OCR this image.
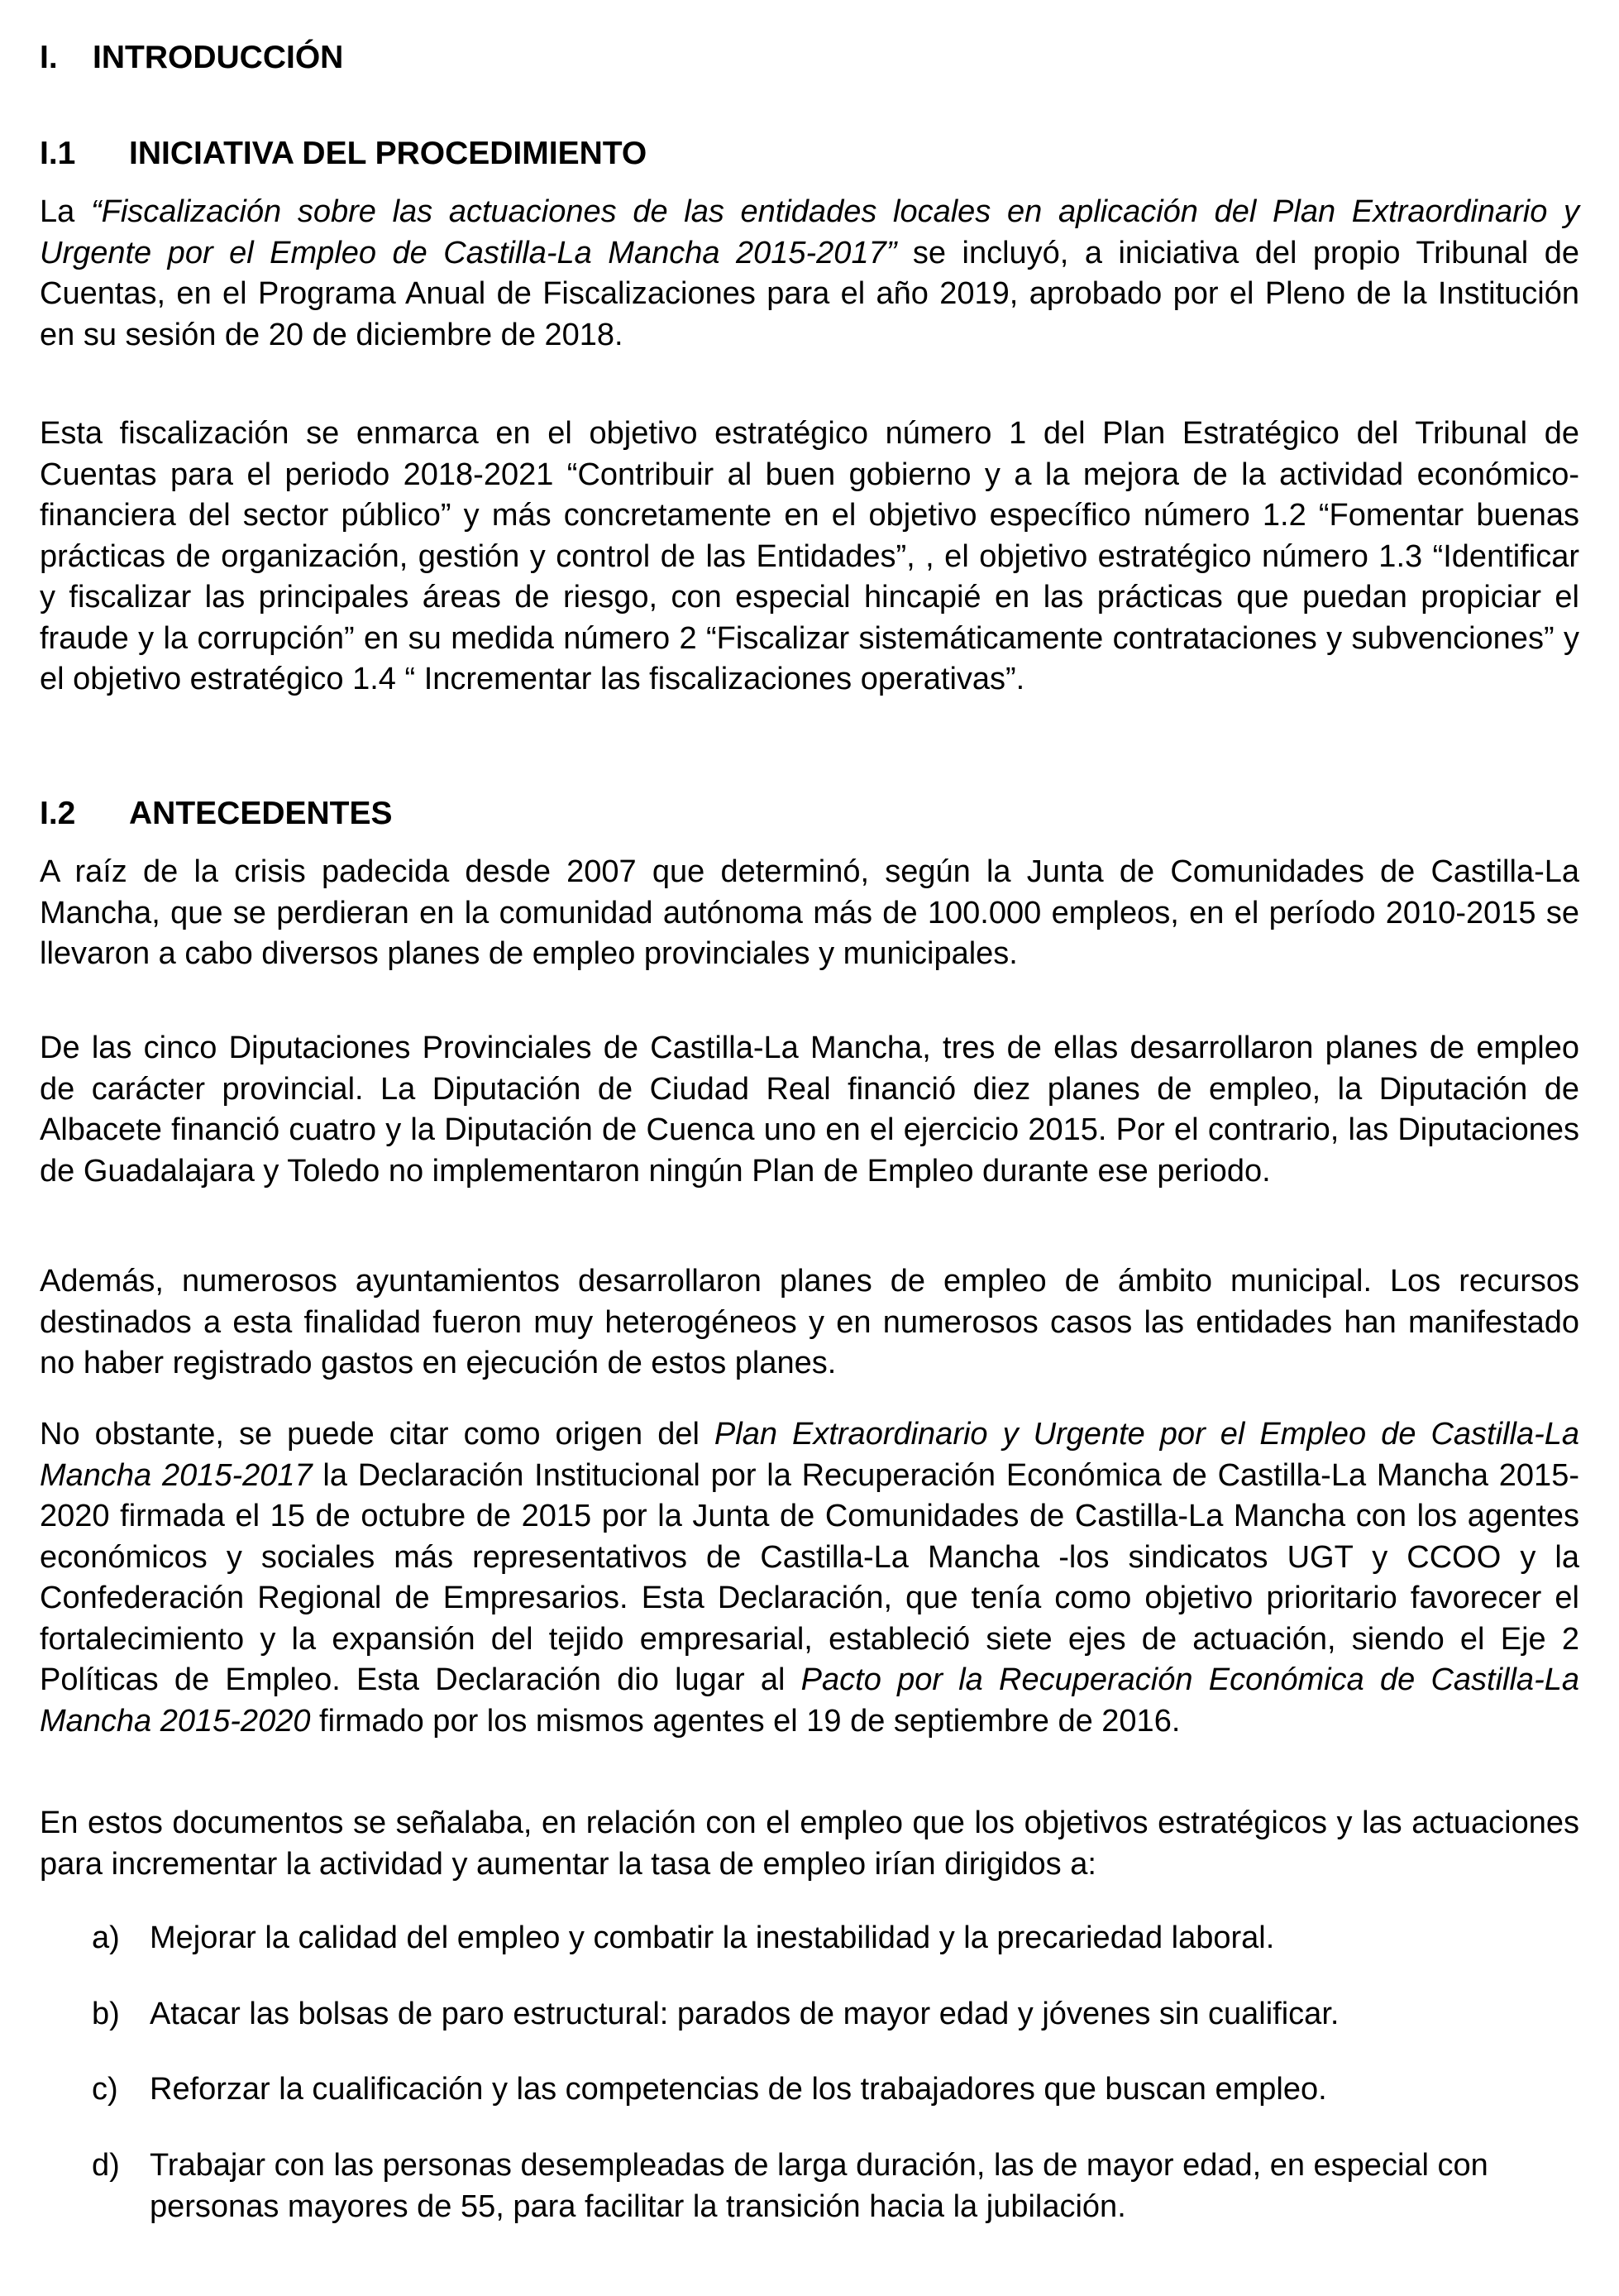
I. INTRODUCCIÓN
I.1 INICIATIVA DEL PROCEDIMIENTO

La “Fiscalización sobre las actuaciones de las entidades locales en aplicación del Plan Extraordinario y Urgente por el Empleo de Castilla-La Mancha 2015-2017” se incluyó, a iniciativa del propio Tribunal de Cuentas, en el Programa Anual de Fiscalizaciones para el año 2019, aprobado por el Pleno de la Institución en su sesión de 20 de diciembre de 2018.

Esta fiscalización se enmarca en el objetivo estratégico número 1 del Plan Estratégico del Tribunal de Cuentas para el periodo 2018-2021 “Contribuir al buen gobierno y a la mejora de la actividad económico-financiera del sector público” y más concretamente en el objetivo específico número 1.2 “Fomentar buenas prácticas de organización, gestión y control de las Entidades”, , el objetivo estratégico número 1.3 “Identificar y fiscalizar las principales áreas de riesgo, con especial hincapié en las prácticas que puedan propiciar el fraude y la corrupción” en su medida número 2 “Fiscalizar sistemáticamente contrataciones y subvenciones” y el objetivo estratégico 1.4 “ Incrementar las fiscalizaciones operativas”.

I.2 ANTECEDENTES

A raíz de la crisis padecida desde 2007 que determinó, según la Junta de Comunidades de Castilla-La Mancha, que se perdieran en la comunidad autónoma más de 100.000 empleos, en el período 2010-2015 se llevaron a cabo diversos planes de empleo provinciales y municipales.

De las cinco Diputaciones Provinciales de Castilla-La Mancha, tres de ellas desarrollaron planes de empleo de carácter provincial. La Diputación de Ciudad Real financió diez planes de empleo, la Diputación de Albacete financió cuatro y la Diputación de Cuenca uno en el ejercicio 2015. Por el contrario, las Diputaciones de Guadalajara y Toledo no implementaron ningún Plan de Empleo durante ese periodo.

Además, numerosos ayuntamientos desarrollaron planes de empleo de ámbito municipal. Los recursos destinados a esta finalidad fueron muy heterogéneos y en numerosos casos las entidades han manifestado no haber registrado gastos en ejecución de estos planes.

No obstante, se puede citar como origen del Plan Extraordinario y Urgente por el Empleo de Castilla-La Mancha 2015-2017 la Declaración Institucional por la Recuperación Económica de Castilla-La Mancha 2015-2020 firmada el 15 de octubre de 2015 por la Junta de Comunidades de Castilla-La Mancha con los agentes económicos y sociales más representativos de Castilla-La Mancha -los sindicatos UGT y CCOO y la Confederación Regional de Empresarios. Esta Declaración, que tenía como objetivo prioritario favorecer el fortalecimiento y la expansión del tejido empresarial, estableció siete ejes de actuación, siendo el Eje 2 Políticas de Empleo. Esta Declaración dio lugar al Pacto por la Recuperación Económica de Castilla-La Mancha 2015-2020 firmado por los mismos agentes el 19 de septiembre de 2016.

En estos documentos se señalaba, en relación con el empleo que los objetivos estratégicos y las actuaciones para incrementar la actividad y aumentar la tasa de empleo irían dirigidos a:

a) Mejorar la calidad del empleo y combatir la inestabilidad y la precariedad laboral.
b) Atacar las bolsas de paro estructural: parados de mayor edad y jóvenes sin cualificar.
c) Reforzar la cualificación y las competencias de los trabajadores que buscan empleo.
d) Trabajar con las personas desempleadas de larga duración, las de mayor edad, en especial con personas mayores de 55, para facilitar la transición hacia la jubilación.
